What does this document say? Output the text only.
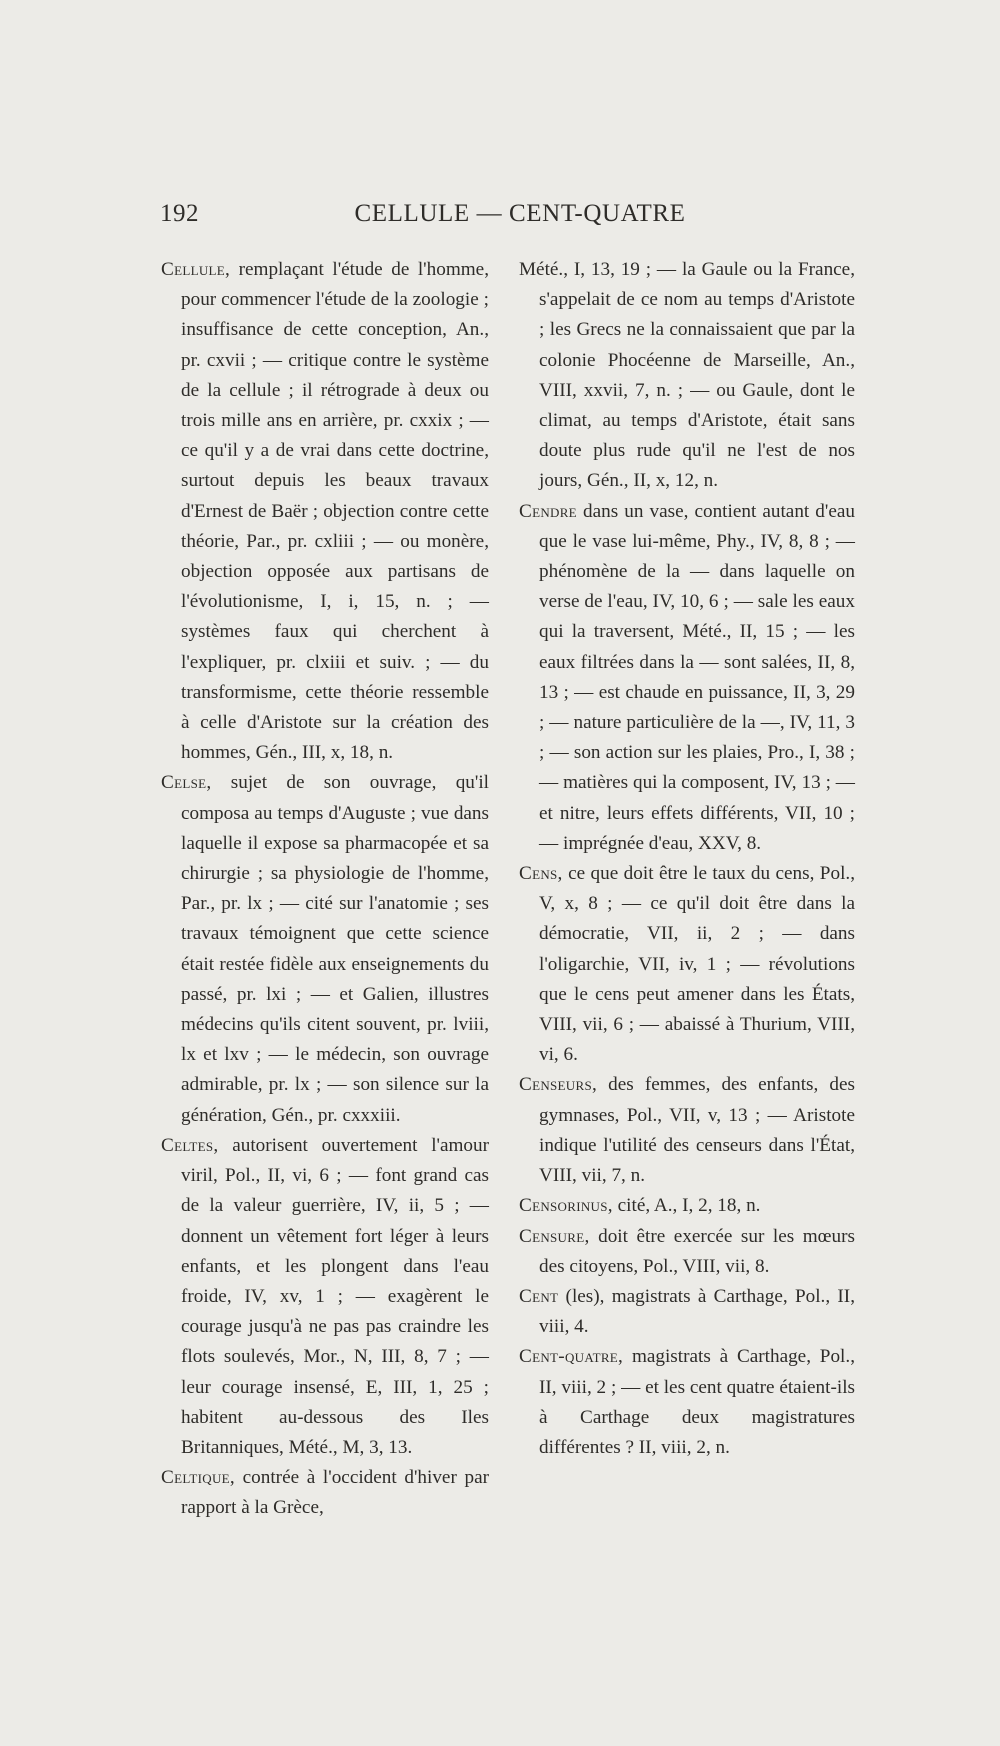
192	CELLULE — CENT-QUATRE

Cellule, remplaçant l'étude de l'homme, pour commencer l'étude de la zoologie ; insuffisance de cette conception, An., pr. cxvii ; — critique contre le système de la cellule ; il rétrograde à deux ou trois mille ans en arrière, pr. cxxix ; — ce qu'il y a de vrai dans cette doctrine, surtout depuis les beaux travaux d'Ernest de Baër ; objection contre cette théorie, Par., pr. cxliii ; — ou monère, objection opposée aux partisans de l'évolutionisme, I, i, 15, n. ; — systèmes faux qui cherchent à l'expliquer, pr. clxiii et suiv. ; — du transformisme, cette théorie ressemble à celle d'Aristote sur la création des hommes, Gén., III, x, 18, n.

Celse, sujet de son ouvrage, qu'il composa au temps d'Auguste ; vue dans laquelle il expose sa pharmacopée et sa chirurgie ; sa physiologie de l'homme, Par., pr. lx ; — cité sur l'anatomie ; ses travaux témoignent que cette science était restée fidèle aux enseignements du passé, pr. lxi ; — et Galien, illustres médecins qu'ils citent souvent, pr. lviii, lx et lxv ; — le médecin, son ouvrage admirable, pr. lx ; — son silence sur la génération, Gén., pr. cxxxiii.

Celtes, autorisent ouvertement l'amour viril, Pol., II, vi, 6 ; — font grand cas de la valeur guerrière, IV, ii, 5 ; — donnent un vêtement fort léger à leurs enfants, et les plongent dans l'eau froide, IV, xv, 1 ; — exagèrent le courage jusqu'à ne pas pas craindre les flots soulevés, Mor., N, III, 8, 7 ; — leur courage insensé, E, III, 1, 25 ; habitent au-dessous des Iles Britanniques, Mété., M, 3, 13.

Celtique, contrée à l'occident d'hiver par rapport à la Grèce,

Mété., I, 13, 19 ; — la Gaule ou la France, s'appelait de ce nom au temps d'Aristote ; les Grecs ne la connaissaient que par la colonie Phocéenne de Marseille, An., VIII, xxvii, 7, n. ; — ou Gaule, dont le climat, au temps d'Aristote, était sans doute plus rude qu'il ne l'est de nos jours, Gén., II, x, 12, n.

Cendre dans un vase, contient autant d'eau que le vase lui-même, Phy., IV, 8, 8 ; — phénomène de la — dans laquelle on verse de l'eau, IV, 10, 6 ; — sale les eaux qui la traversent, Mété., II, 15 ; — les eaux filtrées dans la — sont salées, II, 8, 13 ; — est chaude en puissance, II, 3, 29 ; — nature particulière de la —, IV, 11, 3 ; — son action sur les plaies, Pro., I, 38 ; — matières qui la composent, IV, 13 ; — et nitre, leurs effets différents, VII, 10 ; — imprégnée d'eau, XXV, 8.

Cens, ce que doit être le taux du cens, Pol., V, x, 8 ; — ce qu'il doit être dans la démocratie, VII, ii, 2 ; — dans l'oligarchie, VII, iv, 1 ; — révolutions que le cens peut amener dans les États, VIII, vii, 6 ; — abaissé à Thurium, VIII, vi, 6.

Censeurs, des femmes, des enfants, des gymnases, Pol., VII, v, 13 ; — Aristote indique l'utilité des censeurs dans l'État, VIII, vii, 7, n.

Censorinus, cité, A., I, 2, 18, n.

Censure, doit être exercée sur les mœurs des citoyens, Pol., VIII, vii, 8.

Cent (les), magistrats à Carthage, Pol., II, viii, 4.

Cent-quatre, magistrats à Carthage, Pol., II, viii, 2 ; — et les cent quatre étaient-ils à Carthage deux magistratures différentes ? II, viii, 2, n.
